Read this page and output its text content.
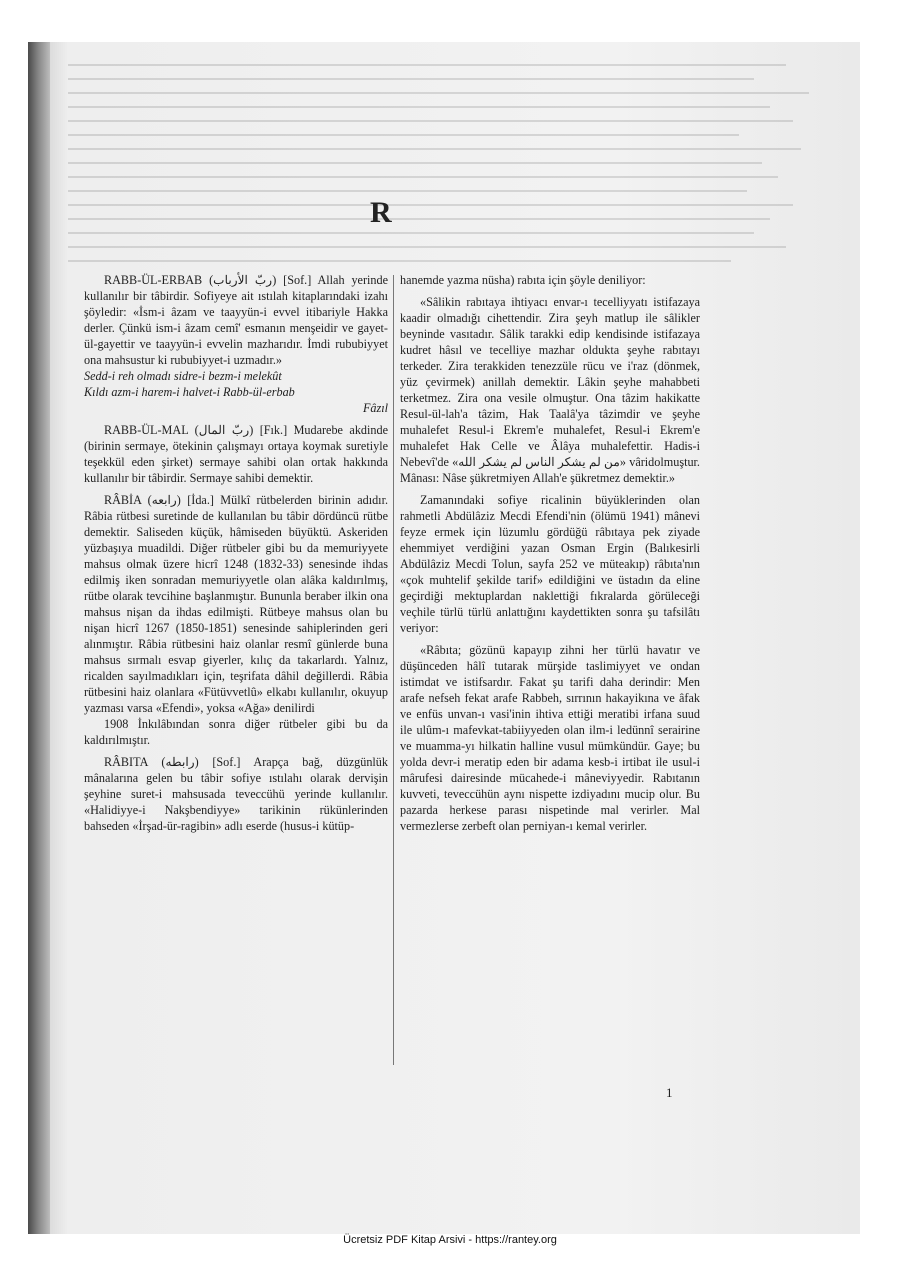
R

RABB-ÜL-ERBAB (ربّ الأرباب) [Sof.] Allah yerinde kullanılır bir tâbirdir. Sofiyeye ait ıstılah kitaplarındaki izahı şöyledir: «İsm-i âzam ve taayyün-i evvel itibariyle Hakka derler. Çünkü ism-i âzam cemî' esmanın menşeidir ve gayet-ül-gayettir ve taayyün-i evvelin mazharıdır. İmdi rububiyyet ona mahsustur ki rububiyyet-i uzmadır.»

Sedd-i reh olmadı sidre-i bezm-i melekût

Kıldı azm-i harem-i halvet-i Rabb-ül-erbab

Fâzıl

RABB-ÜL-MAL (ربّ المال) [Fık.] Mudarebe akdinde (birinin sermaye, ötekinin çalışmayı ortaya koymak suretiyle teşekkül eden şirket) sermaye sahibi olan ortak hakkında kullanılır bir tâbirdir. Sermaye sahibi demektir.

RÂBİA (رابعه) [İda.] Mülkî rütbelerden birinin adıdır. Râbia rütbesi suretinde de kullanılan bu tâbir dördüncü rütbe demektir. Saliseden küçük, hâmiseden büyüktü. Askeriden yüzbaşıya muadildi. Diğer rütbeler gibi bu da memuriyyete mahsus olmak üzere hicrî 1248 (1832-33) senesinde ihdas edilmiş iken sonradan memuriyyetle olan alâka kaldırılmış, rütbe olarak tevcihine başlanmıştır. Bununla beraber ilkin ona mahsus nişan da ihdas edilmişti. Rütbeye mahsus olan bu nişan hicrî 1267 (1850-1851) senesinde sahiplerinden geri alınmıştır. Râbia rütbesini haiz olanlar resmî günlerde buna mahsus sırmalı esvap giyerler, kılıç da takarlardı. Yalnız, ricalden sayılmadıkları için, teşrifata dâhil değillerdi. Râbia rütbesini haiz olanlara «Fütüvvetlû» elkabı kullanılır, okuyup yazması varsa «Efendi», yoksa «Ağa» denilirdi

1908 İnkılâbından sonra diğer rütbeler gibi bu da kaldırılmıştır.

RÂBITA (رابطه) [Sof.] Arapça bağ, düzgünlük mânalarına gelen bu tâbir sofiye ıstılahı olarak dervişin şeyhine suret-i mahsusada teveccühü yerinde kullanılır. «Halidiyye-i Nakşbendiyye» tarikinin rükünlerinden bahseden «İrşad-ür-ragibin» adlı eserde (husus-i kütüp-

hanemde yazma nüsha) rabıta için şöyle deniliyor:

«Sâlikin rabıtaya ihtiyacı envar-ı tecelliyyatı istifazaya kaadir olmadığı cihettendir. Zira şeyh matlup ile sâlikler beyninde vasıtadır. Sâlik tarakki edip kendisinde istifazaya kudret hâsıl ve tecelliye mazhar oldukta şeyhe rabıtayı terkeder. Zira terakkiden tenezzüle rücu ve i'raz (dönmek, yüz çevirmek) anillah demektir. Lâkin şeyhe mahabbeti terketmez. Zira ona vesile olmuştur. Ona tâzim hakikatte Resul-ül-lah'a tâzim, Hak Taalâ'ya tâzimdir ve şeyhe muhalefet Resul-i Ekrem'e muhalefet, Resul-i Ekrem'e muhalefet Hak Celle ve Âlâya muhalefettir. Hadis-i Nebevî'de «من لم يشكر الناس لم يشكر الله» vâridolmuştur. Mânası: Nâse şükretmiyen Allah'e şükretmez demektir.»

Zamanındaki sofiye ricalinin büyüklerinden olan rahmetli Abdülâziz Mecdi Efendi'nin (ölümü 1941) mânevi feyze ermek için lüzumlu gördüğü râbıtaya pek ziyade ehemmiyet verdiğini yazan Osman Ergin (Balıkesirli Abdülâziz Mecdi Tolun, sayfa 252 ve müteakıp) râbıta'nın «çok muhtelif şekilde tarif» edildiğini ve üstadın da eline geçirdiği mektuplardan naklettiği fıkralarda görüleceği veçhile türlü türlü anlattığını kaydettikten sonra şu tafsilâtı veriyor:

«Râbıta; gözünü kapayıp zihni her türlü havatır ve düşünceden hâlî tutarak mürşide taslimiyyet ve ondan istimdat ve istifsardır. Fakat şu tarifi daha derindir: Men arafe nefseh fekat arafe Rabbeh, sırrının hakayikına ve âfak ve enfüs unvan-ı vasi'inin ihtiva ettiği meratibi irfana suud ile ulûm-ı mafevkat-tabiiyyeden olan ilm-i ledünnî serairine ve muamma-yı hilkatin halline vusul mümkündür. Gaye; bu yolda devr-i meratip eden bir adama kesb-i irtibat ile usul-i mârufesi dairesinde mücahede-i mâneviyyedir. Rabıtanın kuvveti, teveccühün aynı nispette izdiyadını mucip olur. Bu pazarda herkese parası nispetinde mal verirler. Mal vermezlerse zerbeft olan perniyan-ı kemal verirler.

1
Ücretsiz PDF Kitap Arsivi - https://rantey.org
